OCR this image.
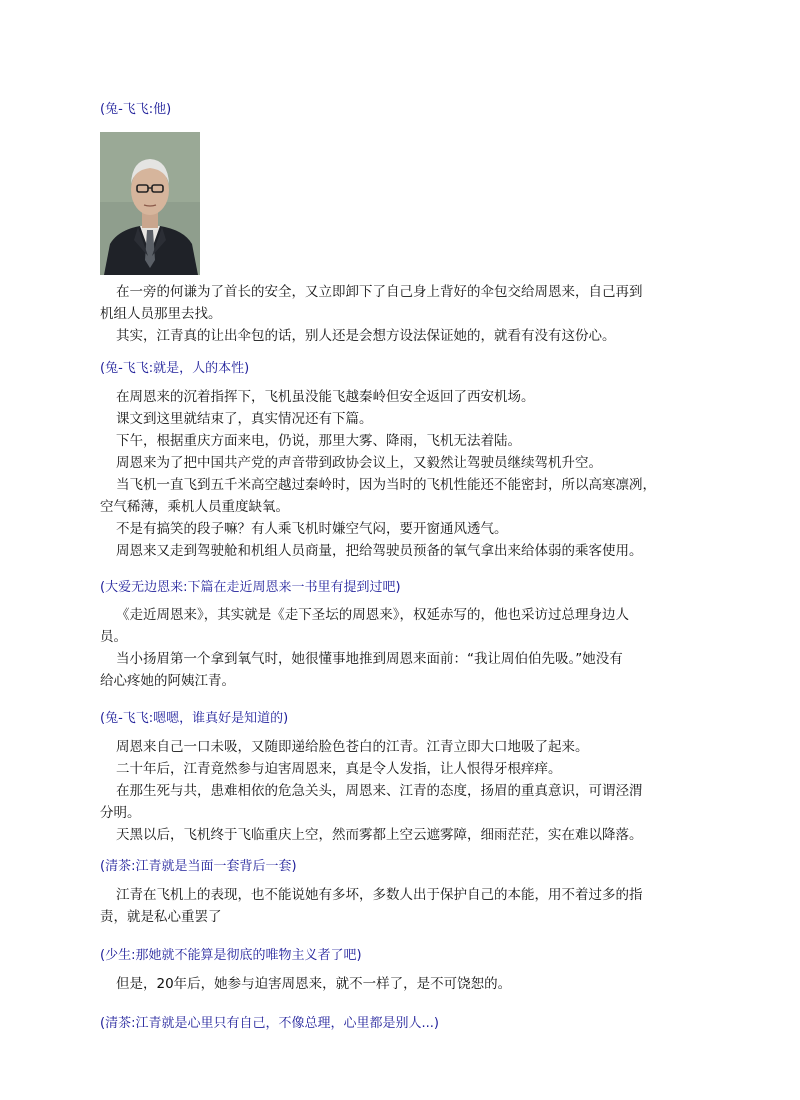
(兔-飞飞:他)

在一旁的何谦为了首长的安全，又立即卸下了自己身上背好的伞包交给周恩来，自己再到
机组人员那里去找。
其实，江青真的让出伞包的话，别人还是会想方设法保证她的，就看有没有这份心。

(兔-飞飞:就是，人的本性)

在周恩来的沉着指挥下，飞机虽没能飞越秦岭但安全返回了西安机场。
课文到这里就结束了，真实情况还有下篇。
下午，根据重庆方面来电，仍说，那里大雾、降雨，飞机无法着陆。
周恩来为了把中国共产党的声音带到政协会议上，又毅然让驾驶员继续驾机升空。
当飞机一直飞到五千米高空越过秦岭时，因为当时的飞机性能还不能密封，所以高寒凛冽，
空气稀薄，乘机人员重度缺氧。
不是有搞笑的段子嘛？有人乘飞机时嫌空气闷，要开窗通风透气。
周恩来又走到驾驶舱和机组人员商量，把给驾驶员预备的氧气拿出来给体弱的乘客使用。

(大爱无边恩来:下篇在走近周恩来一书里有提到过吧)

《走近周恩来》，其实就是《走下圣坛的周恩来》，权延赤写的，他也采访过总理身边人
员。
当小扬眉第一个拿到氧气时，她很懂事地推到周恩来面前：“我让周伯伯先吸。”她没有
给心疼她的阿姨江青。

(兔-飞飞:嗯嗯，谁真好是知道的)

周恩来自己一口未吸，又随即递给脸色苍白的江青。江青立即大口地吸了起来。
二十年后，江青竟然参与迫害周恩来，真是令人发指，让人恨得牙根痒痒。
在那生死与共，患难相依的危急关头，周恩来、江青的态度，扬眉的重真意识，可谓泾渭
分明。
天黑以后，飞机终于飞临重庆上空，然而雾都上空云遮雾障，细雨茫茫，实在难以降落。

(清茶:江青就是当面一套背后一套)

江青在飞机上的表现，也不能说她有多坏，多数人出于保护自己的本能，用不着过多的指
责，就是私心重罢了

(少生:那她就不能算是彻底的唯物主义者了吧)

但是，20年后，她参与迫害周恩来，就不一样了，是不可饶恕的。

(清茶:江青就是心里只有自己，不像总理，心里都是别人...)
